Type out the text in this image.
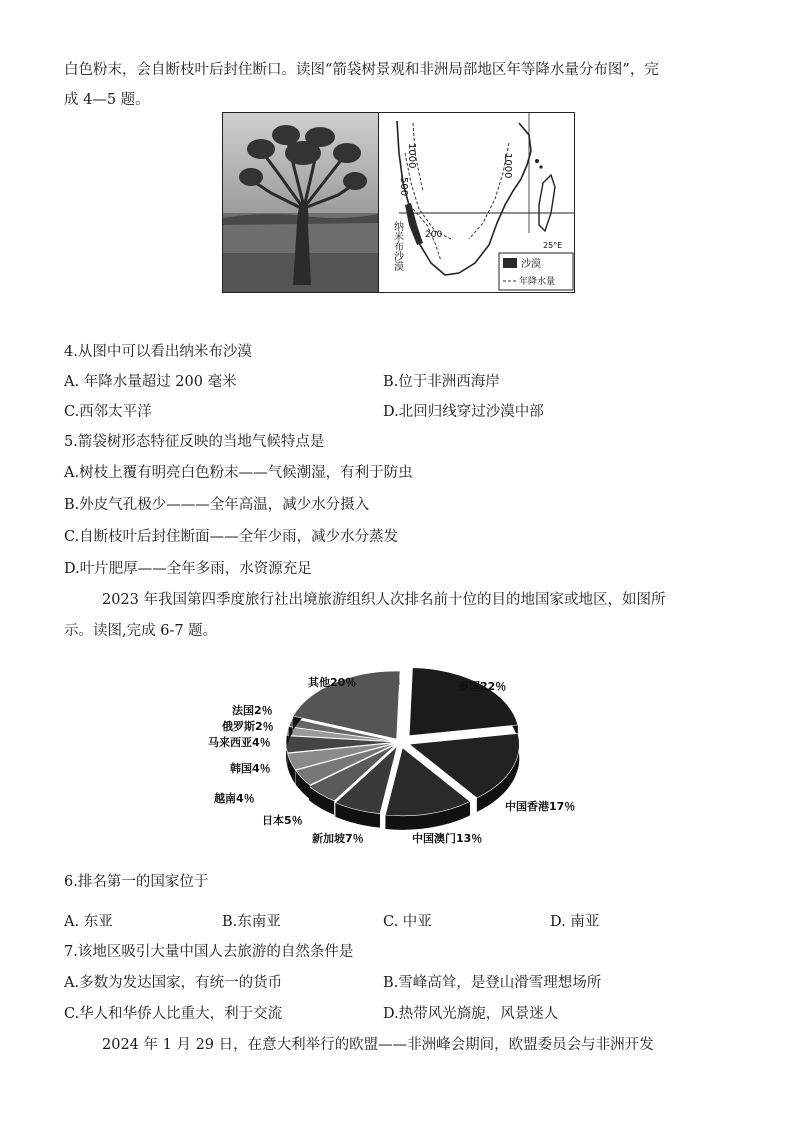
白色粉末，会自断枝叶后封住断口。读图“箭袋树景观和非洲局部地区年等降水量分布图”，完
成 4—5 题。
1000	1000
500
200
25°E
纳米布沙漠	沙漠
年降水量
4.从图中可以看出纳米布沙漠
A. 年降水量超过 200 毫米	B.位于非洲西海岸
C.西邻太平洋	D.北回归线穿过沙漠中部
5.箭袋树形态特征反映的当地气候特点是
A.树枝上覆有明亮白色粉末——气候潮湿，有利于防虫
B.外皮气孔极少———全年高温，减少水分摄入
C.自断枝叶后封住断面——全年少雨，减少水分蒸发
D.叶片肥厚——全年多雨，水资源充足
2023 年我国第四季度旅行社出境旅游组织人次排名前十位的目的地国家或地区，如图所
示。读图,完成 6-7 题。
泰国22％
中国香港17％
中国澳门13％
新加坡7％
日本5％
越南4％
韩国4％
马来西亚4％
俄罗斯2％
法国2％
其他20％
6.排名第一的国家位于
A. 东亚	B.东南亚	C. 中亚	D. 南亚
7.该地区吸引大量中国人去旅游的自然条件是
A.多数为发达国家，有统一的货币	B.雪峰高耸，是登山滑雪理想场所
C.华人和华侨人比重大，利于交流	D.热带风光旖旎，风景迷人
2024 年 1 月 29 日，在意大利举行的欧盟——非洲峰会期间，欧盟委员会与非洲开发
